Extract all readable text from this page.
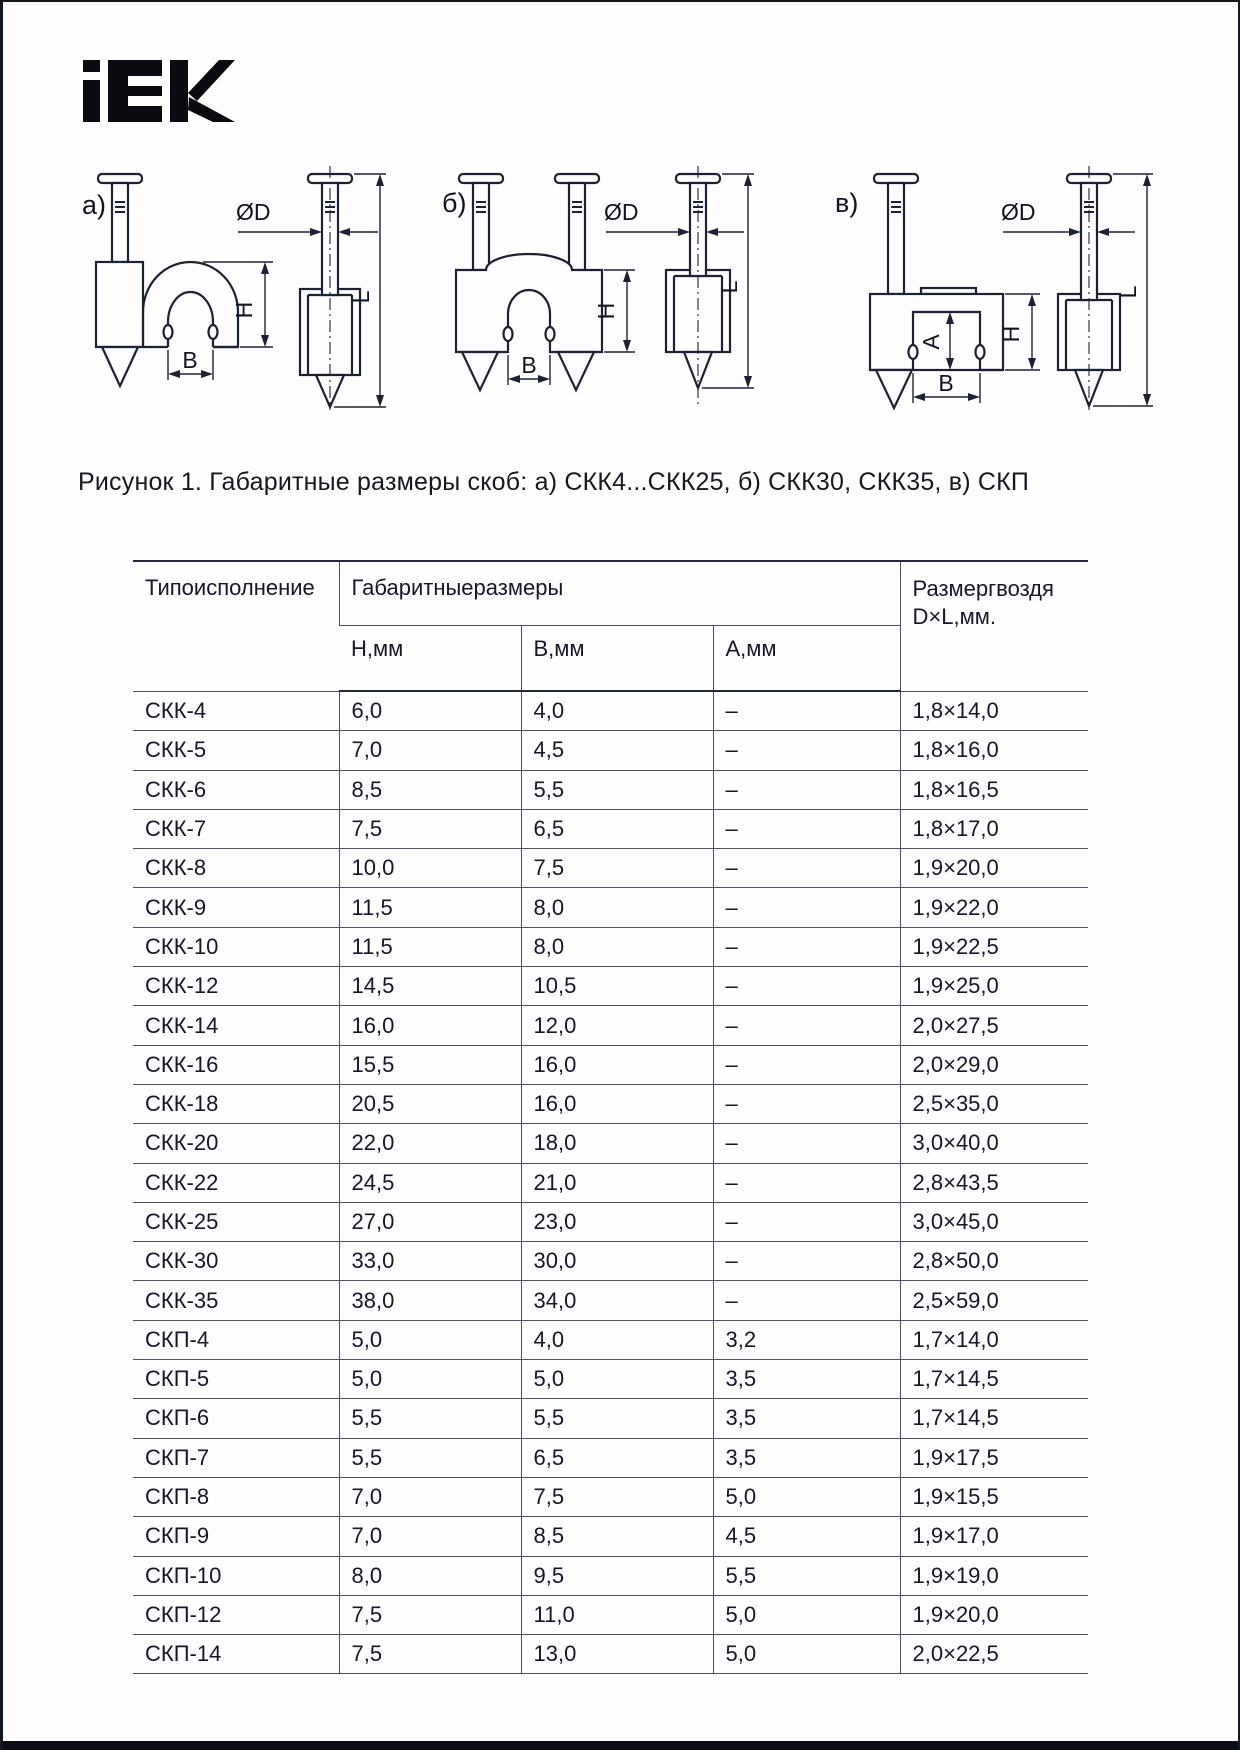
а)
H
B
ØD
L
б)
H
B
ØD
L
в)
A H
B
ØD
L
Рисунок 1. Габаритные размеры скоб: а) СКК4...СКК25, б) СКК30, СКК35, в) СКП
Типоисполнение	Габаритныеразмеры			Размергвоздя
D×L,мм.

	Н,мм	В,мм	А,мм	
СКК-4	6,0	4,0	–	1,8×14,0
СКК-5	7,0	4,5	–	1,8×16,0
СКК-6	8,5	5,5	–	1,8×16,5
СКК-7	7,5	6,5	–	1,8×17,0
СКК-8	10,0	7,5	–	1,9×20,0
СКК-9	11,5	8,0	–	1,9×22,0
СКК-10	11,5	8,0	–	1,9×22,5
СКК-12	14,5	10,5	–	1,9×25,0
СКК-14	16,0	12,0	–	2,0×27,5
СКК-16	15,5	16,0	–	2,0×29,0
СКК-18	20,5	16,0	–	2,5×35,0
СКК-20	22,0	18,0	–	3,0×40,0
СКК-22	24,5	21,0	–	2,8×43,5
СКК-25	27,0	23,0	–	3,0×45,0
СКК-30	33,0	30,0	–	2,8×50,0
СКК-35	38,0	34,0	–	2,5×59,0
СКП-4	5,0	4,0	3,2	1,7×14,0
СКП-5	5,0	5,0	3,5	1,7×14,5
СКП-6	5,5	5,5	3,5	1,7×14,5
СКП-7	5,5	6,5	3,5	1,9×17,5
СКП-8	7,0	7,5	5,0	1,9×15,5
СКП-9	7,0	8,5	4,5	1,9×17,0
СКП-10	8,0	9,5	5,5	1,9×19,0
СКП-12	7,5	11,0	5,0	1,9×20,0
СКП-14	7,5	13,0	5,0	2,0×22,5
